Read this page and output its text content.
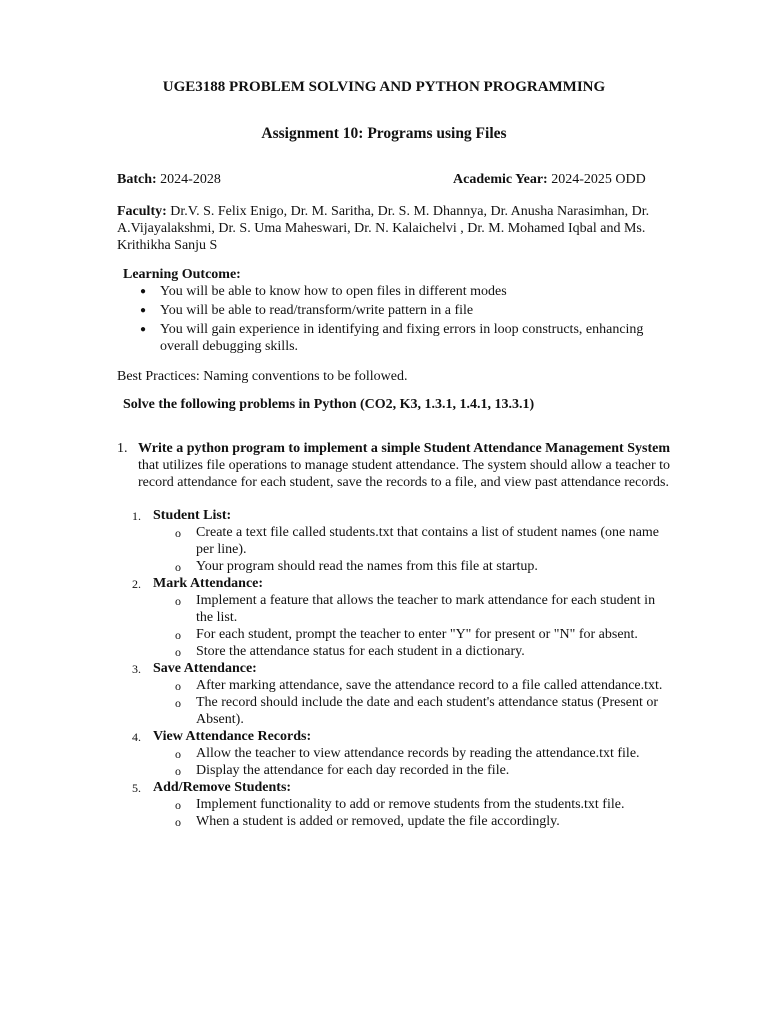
UGE3188 PROBLEM SOLVING AND PYTHON PROGRAMMING
Assignment 10: Programs using Files
Batch: 2024-2028	Academic Year: 2024-2025 ODD
Faculty: Dr.V. S. Felix Enigo, Dr. M. Saritha, Dr. S. M. Dhannya, Dr. Anusha Narasimhan, Dr. A.Vijayalakshmi, Dr. S. Uma Maheswari, Dr. N. Kalaichelvi , Dr. M. Mohamed Iqbal and Ms. Krithikha Sanju S
Learning Outcome:
● You will be able to know how to open files in different modes
● You will be able to read/transform/write pattern in a file
● You will gain experience in identifying and fixing errors in loop constructs, enhancing overall debugging skills.
Best Practices: Naming conventions to be followed.
Solve the following problems in Python (CO2, K3, 1.3.1, 1.4.1, 13.3.1)
1. Write a python program to implement a simple Student Attendance Management System that utilizes file operations to manage student attendance. The system should allow a teacher to record attendance for each student, save the records to a file, and view past attendance records.
1. Student List:
o Create a text file called students.txt that contains a list of student names (one name per line).
o Your program should read the names from this file at startup.
2. Mark Attendance:
o Implement a feature that allows the teacher to mark attendance for each student in the list.
o For each student, prompt the teacher to enter "Y" for present or "N" for absent.
o Store the attendance status for each student in a dictionary.
3. Save Attendance:
o After marking attendance, save the attendance record to a file called attendance.txt.
o The record should include the date and each student's attendance status (Present or Absent).
4. View Attendance Records:
o Allow the teacher to view attendance records by reading the attendance.txt file.
o Display the attendance for each day recorded in the file.
5. Add/Remove Students:
o Implement functionality to add or remove students from the students.txt file.
o When a student is added or removed, update the file accordingly.
